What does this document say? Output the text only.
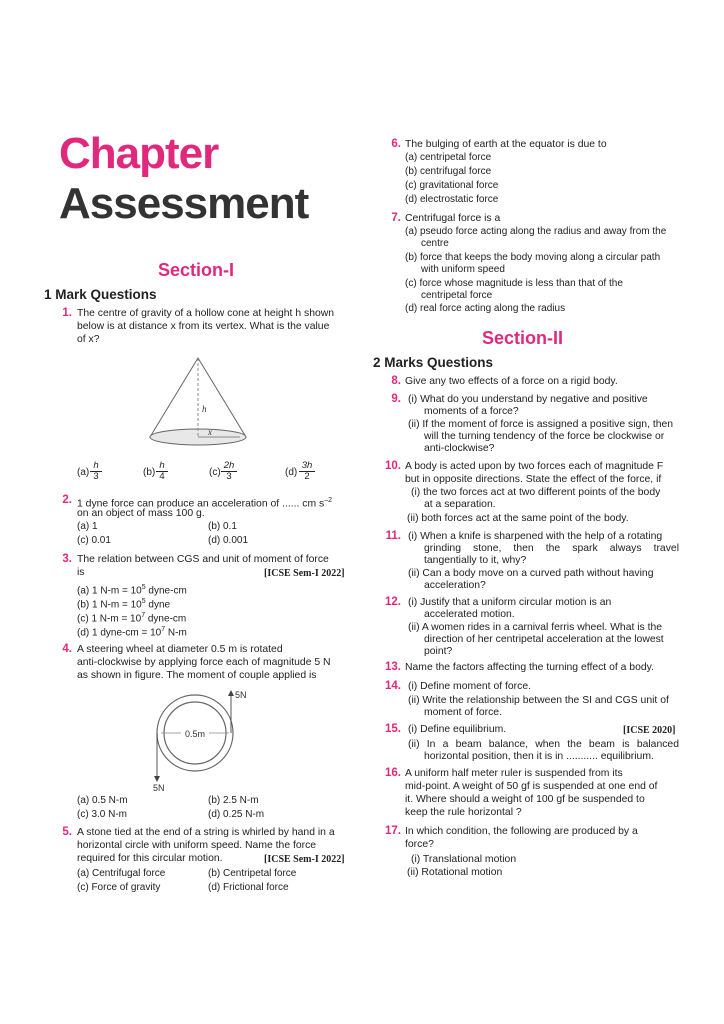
Chapter
Assessment
Section-I
1 Mark Questions
1. The centre of gravity of a hollow cone at height h shown
below is at distance x from its vertex. What is the value
of x?
h
x
$(a) \frac{h}{3}$	$(b) \frac{h}{4}$	$(c) \frac{2h}{3}$	$(d) \frac{3h}{2}$
2. 1 dyne force can produce an acceleration of ...... cm $s^{-2}$
on an object of mass 100 g.
(a) 1	(b) 0.1
(c) 0.01	(d) 0.001
3. The relation between CGS and unit of moment of force
is	[ICSE Sem-I 2022]
(a) 1 $N-m = 10^5$ dyne-cm
(b) 1 $N-m = 10^5$ dyne
(c) 1 $N-m = 10^7$ dyne-cm
(d) 1 dyne-cm = $10^7$ N-m
4. A steering wheel at diameter 0.5 m is rotated
anti-clockwise by applying force each of magnitude 5 N
as shown in figure. The moment of couple applied is
0.5m
5N
5N
(a) 0.5 N-m	(b) 2.5 N-m
(c) 3.0 N-m	(d) 0.25 N-m
5. A stone tied at the end of a string is whirled by hand in a
horizontal circle with uniform speed. Name the force
required for this circular motion.	[ICSE Sem-I 2022]
(a) Centrifugal force	(b) Centripetal force
(c) Force of gravity	(d) Frictional force
6. The bulging of earth at the equator is due to
(a) centripetal force
(b) centrifugal force
(c) gravitational force
(d) electrostatic force
7. Centrifugal force is a
(a) pseudo force acting along the radius and away from the
centre
(b) force that keeps the body moving along a circular path
with uniform speed
(c) force whose magnitude is less than that of the
centripetal force
(d) real force acting along the radius
Section-II
2 Marks Questions
8. Give any two effects of a force on a rigid body.
9. (i) What do you understand by negative and positive
moments of a force?
(ii) If the moment of force is assigned a positive sign, then
will the turning tendency of the force be clockwise or
anti-clockwise?
10. A body is acted upon by two forces each of magnitude F
but in opposite directions. State the effect of the force, if
(i) the two forces act at two different points of the body
at a separation.
(ii) both forces act at the same point of the body.
11. (i) When a knife is sharpened with the help of a rotating
grinding stone, then the spark always travel
tangentially to it, why?
(ii) Can a body move on a curved path without having
acceleration?
12. (i) Justify that a uniform circular motion is an
accelerated motion.
(ii) A women rides in a carnival ferris wheel. What is the
direction of her centripetal acceleration at the lowest
point?
13. Name the factors affecting the turning effect of a body.
14. (i) Define moment of force.
(ii) Write the relationship between the SI and CGS unit of
moment of force.
15. (i) Define equilibrium.	[ICSE 2020]
(ii) In a beam balance, when the beam is balanced
horizontal position, then it is in ........... equilibrium.
16. A uniform half meter ruler is suspended from its
mid-point. A weight of 50 gf is suspended at one end of
it. Where should a weight of 100 gf be suspended to
keep the rule horizontal ?
17. In which condition, the following are produced by a
force?
(i) Translational motion
(ii) Rotational motion
